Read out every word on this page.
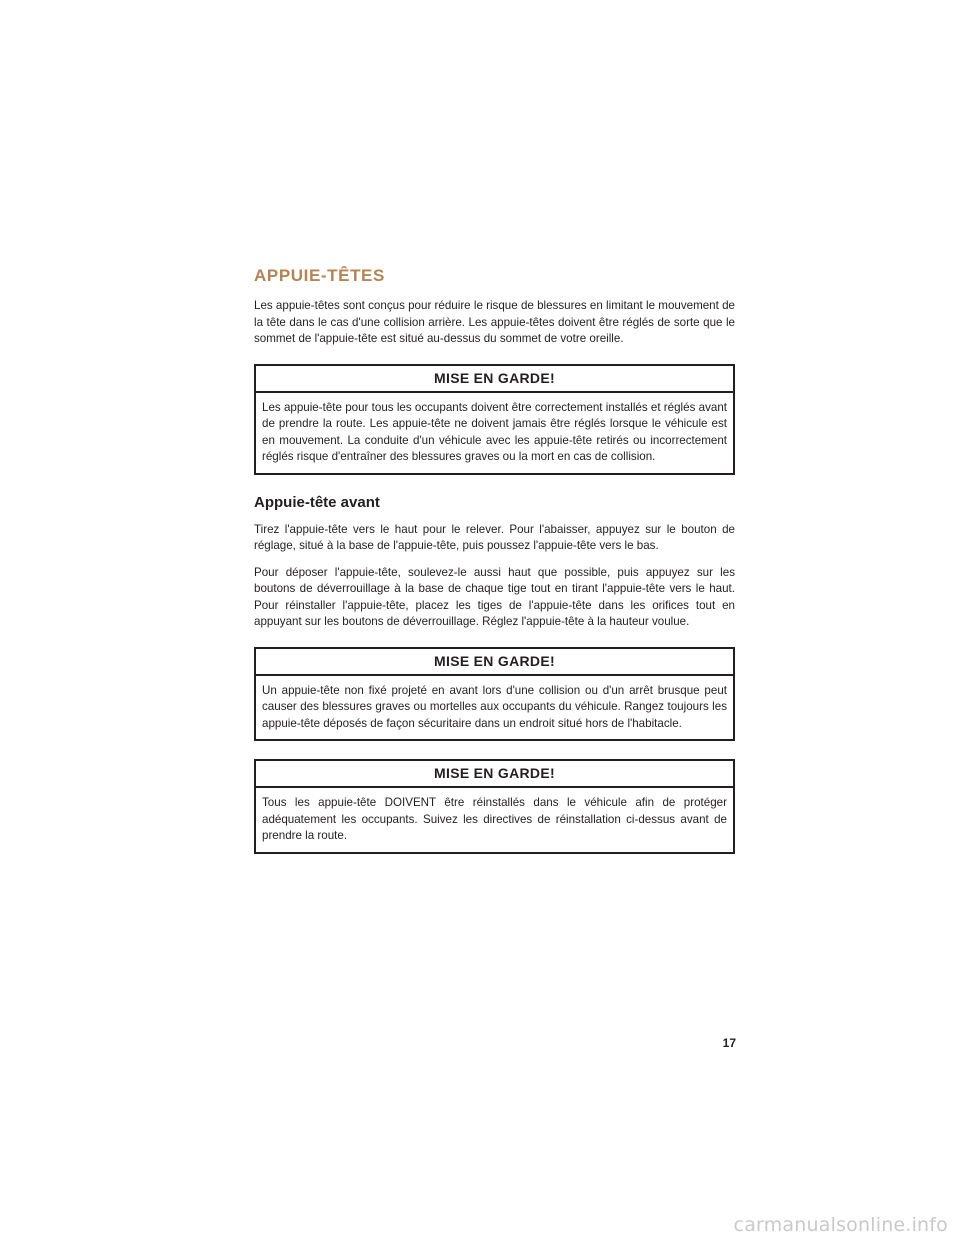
APPUIE-TÊTES

Les appuie-têtes sont conçus pour réduire le risque de blessures en limitant le mouvement de la tête dans le cas d'une collision arrière. Les appuie-têtes doivent être réglés de sorte que le sommet de l'appuie-tête est situé au-dessus du sommet de votre oreille.

MISE EN GARDE!
Les appuie-tête pour tous les occupants doivent être correctement installés et réglés avant de prendre la route. Les appuie-tête ne doivent jamais être réglés lorsque le véhicule est en mouvement. La conduite d'un véhicule avec les appuie-tête retirés ou incorrectement réglés risque d'entraîner des blessures graves ou la mort en cas de collision.
Appuie-tête avant

Tirez l'appuie-tête vers le haut pour le relever. Pour l'abaisser, appuyez sur le bouton de réglage, situé à la base de l'appuie-tête, puis poussez l'appuie-tête vers le bas.

Pour déposer l'appuie-tête, soulevez-le aussi haut que possible, puis appuyez sur les boutons de déverrouillage à la base de chaque tige tout en tirant l'appuie-tête vers le haut. Pour réinstaller l'appuie-tête, placez les tiges de l'appuie-tête dans les orifices tout en appuyant sur les boutons de déverrouillage. Réglez l'appuie-tête à la hauteur voulue.

MISE EN GARDE!
Un appuie-tête non fixé projeté en avant lors d'une collision ou d'un arrêt brusque peut causer des blessures graves ou mortelles aux occupants du véhicule. Rangez toujours les appuie-tête déposés de façon sécuritaire dans un endroit situé hors de l'habitacle.
MISE EN GARDE!
Tous les appuie-tête DOIVENT être réinstallés dans le véhicule afin de protéger adéquatement les occupants. Suivez les directives de réinstallation ci-dessus avant de prendre la route.
17
carmanualsonline.info
